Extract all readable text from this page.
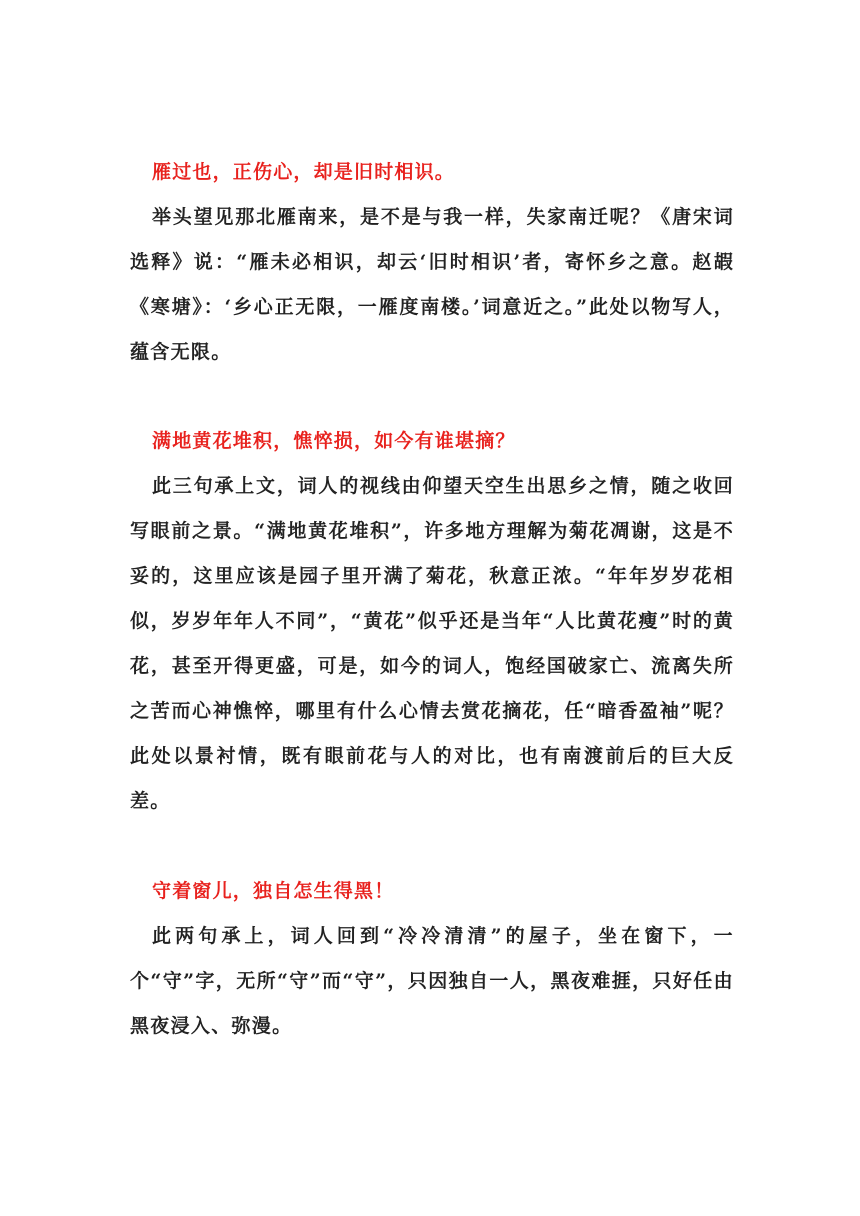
雁过也，正伤心，却是旧时相识。

举头望见那北雁南来，是不是与我一样，失家南迁呢？《唐宋词选释》说：“雁未必相识，却云‘旧时相识’者，寄怀乡之意。赵嘏《寒塘》：‘乡心正无限，一雁度南楼。’词意近之。”此处以物写人，蕴含无限。

满地黄花堆积，憔悴损，如今有谁堪摘？

此三句承上文，词人的视线由仰望天空生出思乡之情，随之收回写眼前之景。“满地黄花堆积”，许多地方理解为菊花凋谢，这是不妥的，这里应该是园子里开满了菊花，秋意正浓。“年年岁岁花相似，岁岁年年人不同”，“黄花”似乎还是当年“人比黄花瘦”时的黄花，甚至开得更盛，可是，如今的词人，饱经国破家亡、流离失所之苦而心神憔悴，哪里有什么心情去赏花摘花，任“暗香盈袖”呢？此处以景衬情，既有眼前花与人的对比，也有南渡前后的巨大反差。

守着窗儿，独自怎生得黑！

此两句承上，词人回到“冷冷清清”的屋子，坐在窗下，一个“守”字，无所“守”而“守”，只因独自一人，黑夜难捱，只好任由黑夜浸入、弥漫。
